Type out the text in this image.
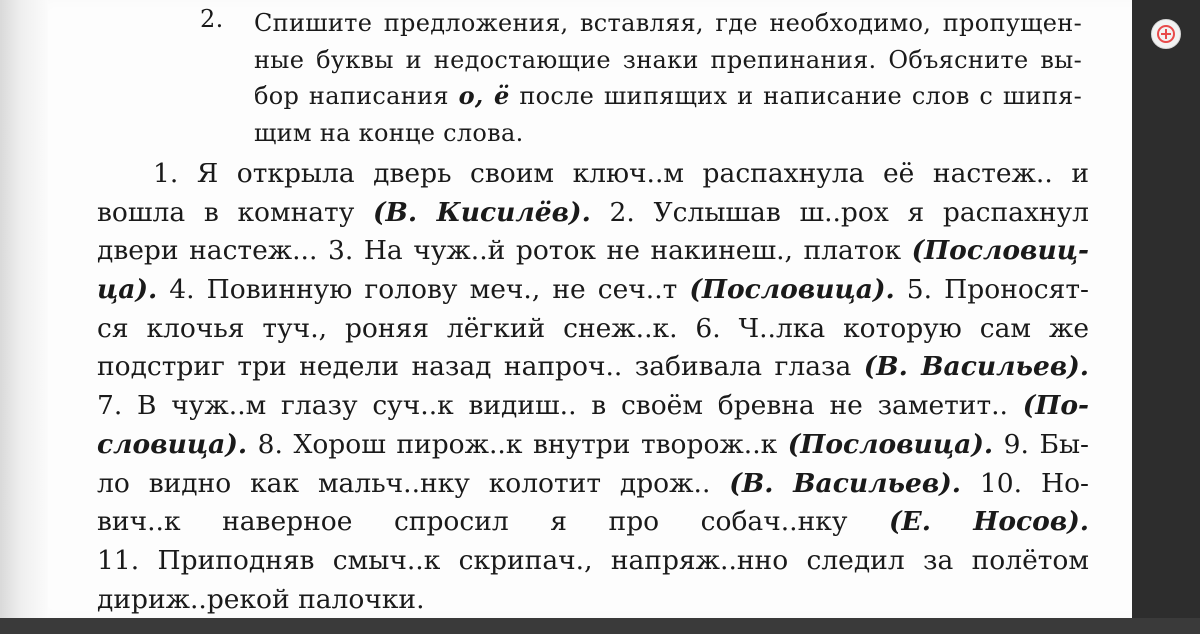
2. Спишите предложения, вставляя, где необходимо, пропущен-
ные буквы и недостающие знаки препинания. Объясните вы-
бор написания о, ё после шипящих и написание слов с шипя-
щим на конце слова.
1. Я открыла дверь своим ключ..м распахнула её настеж.. и
вошла в комнату (В. Кисилёв). 2. Услышав ш..рох я распахнул
двери настеж... 3. На чуж..й роток не накинеш., платок (Пословиц-
ца). 4. Повинную голову меч., не сеч..т (Пословица). 5. Проносят-
ся клочья туч., роняя лёгкий снеж..к. 6. Ч..лка которую сам же
подстриг три недели назад напроч.. забивала глаза (В. Васильев).
7. В чуж..м глазу суч..к видиш.. в своём бревна не заметит.. (По-
словица). 8. Хорош пирож..к внутри творож..к (Пословица). 9. Бы-
ло видно как мальч..нку колотит дрож.. (В. Васильев). 10. Но-
вич..к наверное спросил я про собач..нку (Е. Носов).
11. Приподняв смыч..к скрипач., напряж..нно следил за полётом
дириж..рекой палочки.
